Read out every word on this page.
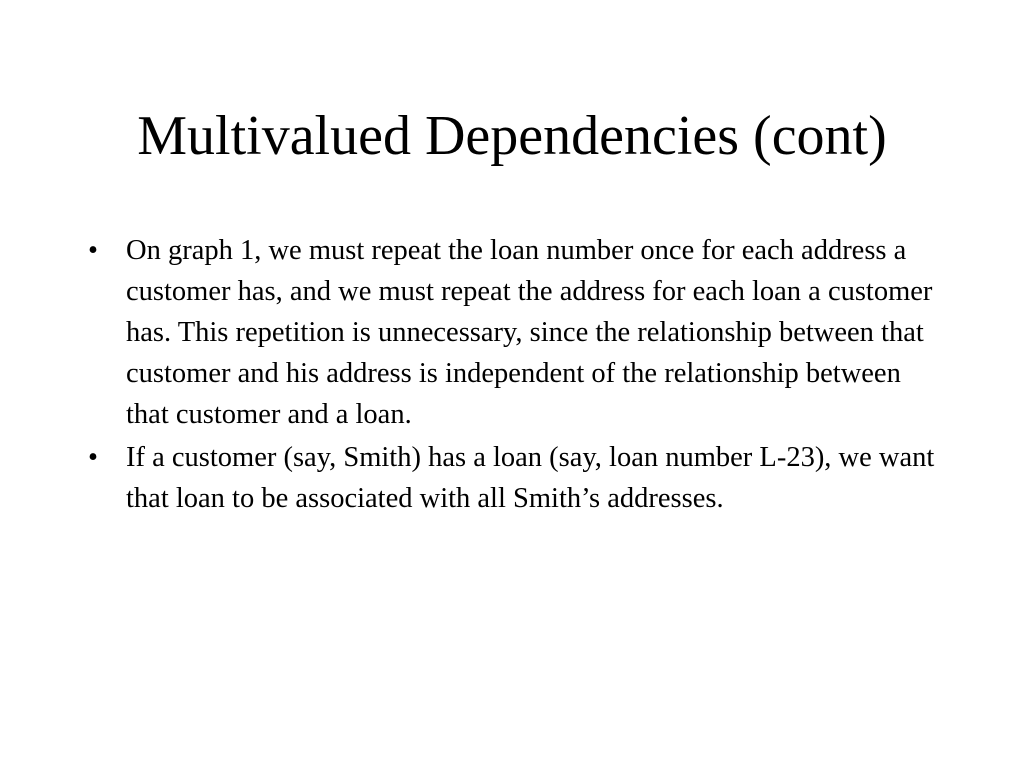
Multivalued Dependencies (cont)
• On graph 1, we must repeat the loan number once for each address a customer has, and we must repeat the address for each loan a customer has. This repetition is unnecessary, since the relationship between that customer and his address is independent of the relationship between that customer and a loan.
• If a customer (say, Smith) has a loan (say, loan number L-23), we want that loan to be associated with all Smith’s addresses.
